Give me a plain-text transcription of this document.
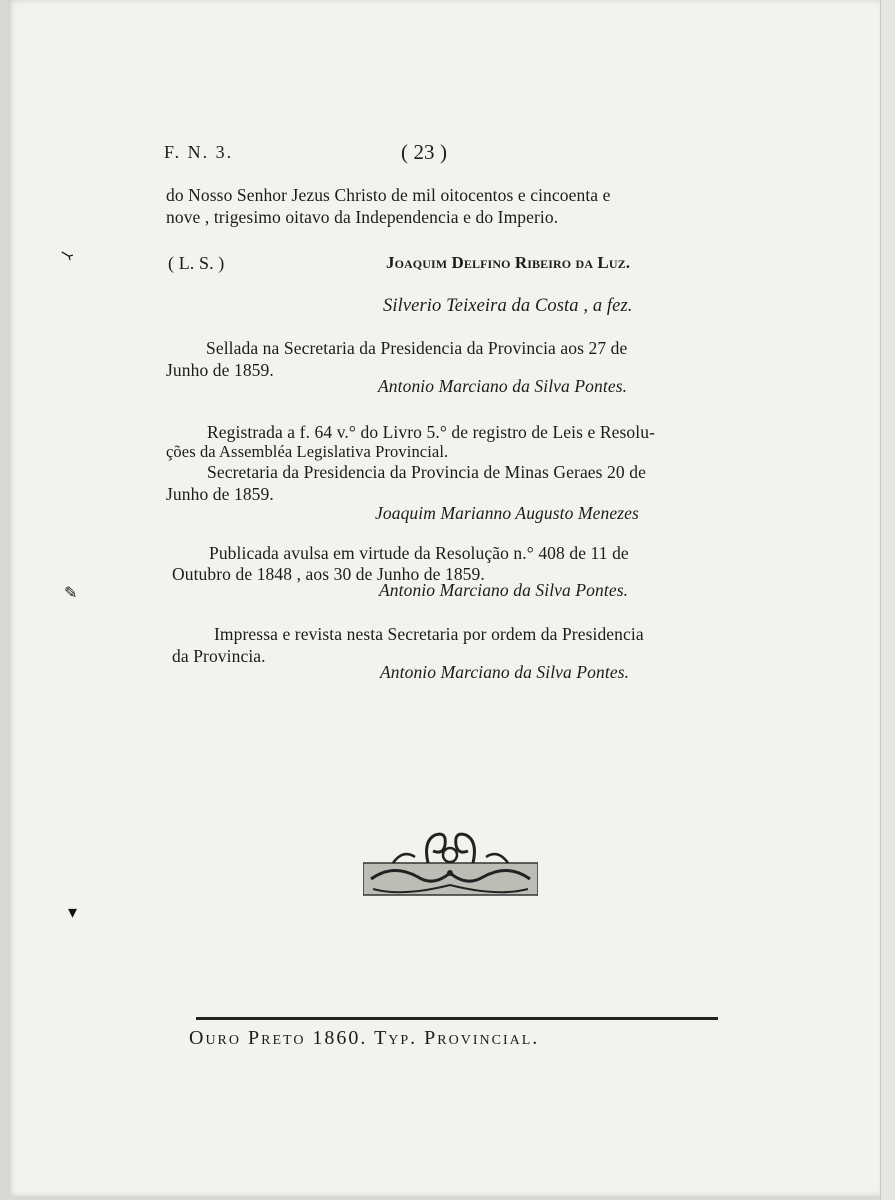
F. N. 3.	( 23 )
do Nosso Senhor Jezus Christo de mil oitocentos e cincoenta e
nove , trigesimo oitavo da Independencia e do Imperio.
( L. S. )	Joaquim Delfino Ribeiro da Luz.
Silverio Teixeira da Costa , a fez.
Sellada na Secretaria da Presidencia da Provincia aos 27 de
Junho de 1859.
Antonio Marciano da Silva Pontes.
Registrada a f. 64 v.° do Livro 5.° de registro de Leis e Resolu-
ções da Assembléa Legislativa Provincial.
Secretaria da Presidencia da Provincia de Minas Geraes 20 de
Junho de 1859.
Joaquim Marianno Augusto Menezes
Publicada avulsa em virtude da Resolução n.° 408 de 11 de
Outubro de 1848 , aos 30 de Junho de 1859.
Antonio Marciano da Silva Pontes.
Impressa e revista nesta Secretaria por ordem da Presidencia
da Provincia.
Antonio Marciano da Silva Pontes.
Ouro Preto 1860. Typ. Provincial.
⤙
✎
▾
